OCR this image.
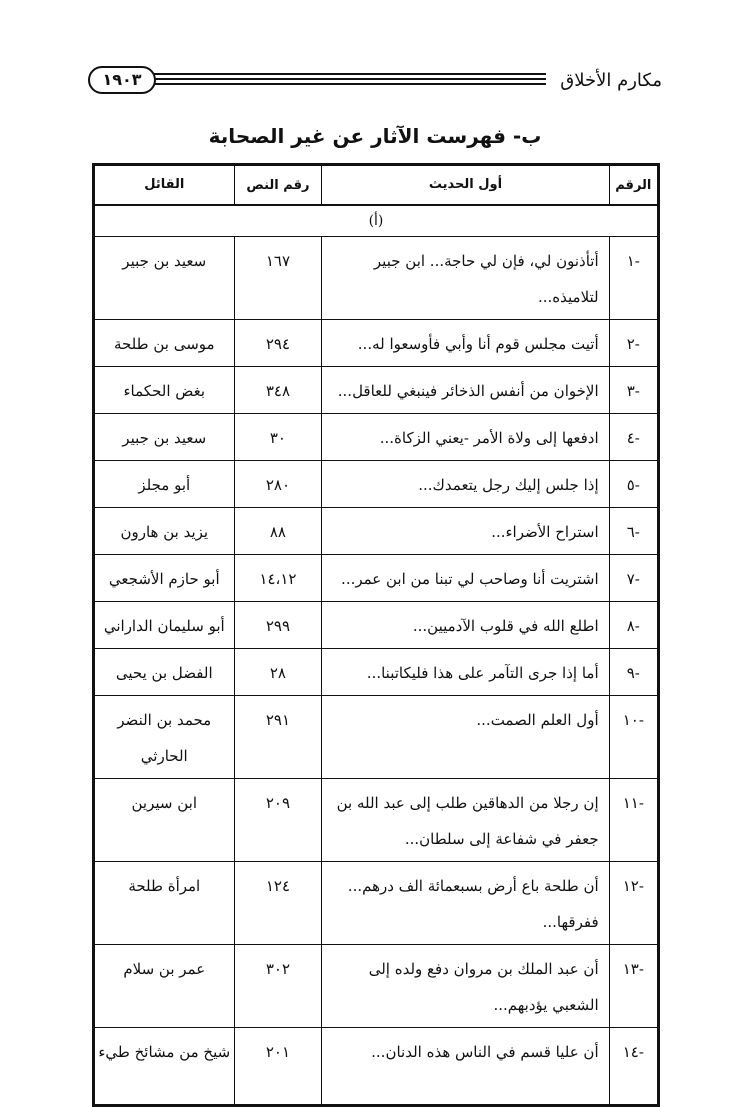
مكارم الأخلاق
١٩٠٣
ب- فهرست الآثار عن غير الصحابة
الرقم	أول الحديث	رقم النص	القائل
(أ)			
-١	أتأذنون لي، فإن لي حاجة... ابن جبير لتلاميذه...	١٦٧	سعيد بن جبير
-٢	أتيت مجلس قوم أنا وأبي فأوسعوا له...	٢٩٤	موسى بن طلحة
-٣	الإخوان من أنفس الذخائر فينبغي للعاقل...	٣٤٨	بغض الحكماء
-٤	ادفعها إلى ولاة الأمر -يعني الزكاة...	٣٠	سعيد بن جبير
-٥	إذا جلس إليك رجل يتعمدك...	٢٨٠	أبو مجلز
-٦	استراح الأضراء...	٨٨	يزيد بن هارون
-٧	اشتريت أنا وصاحب لي تبنا من ابن عمر...	١٤،١٢	أبو حازم الأشجعي
-٨	اطلع الله في قلوب الآدميين...	٢٩٩	أبو سليمان الداراني
-٩	أما إذا جرى التآمر على هذا فليكاتبنا...	٢٨	الفضل بن يحيى
-١٠	أول العلم الصمت...	٢٩١	محمد بن النضر الحارثي
-١١	إن رجلا من الدهاقين طلب إلى عبد الله بن جعفر في شفاعة إلى سلطان...	٢٠٩	ابن سيرين
-١٢	أن طلحة باع أرض بسبعمائة الف درهم... ففرقها...	١٢٤	امرأة طلحة
-١٣	أن عبد الملك بن مروان دفع ولده إلى الشعبي يؤدبهم...	٣٠٢	عمر بن سلام
-١٤	أن عليا قسم في الناس هذه الدنان...	٢٠١	شيخ من مشائخ طيء
